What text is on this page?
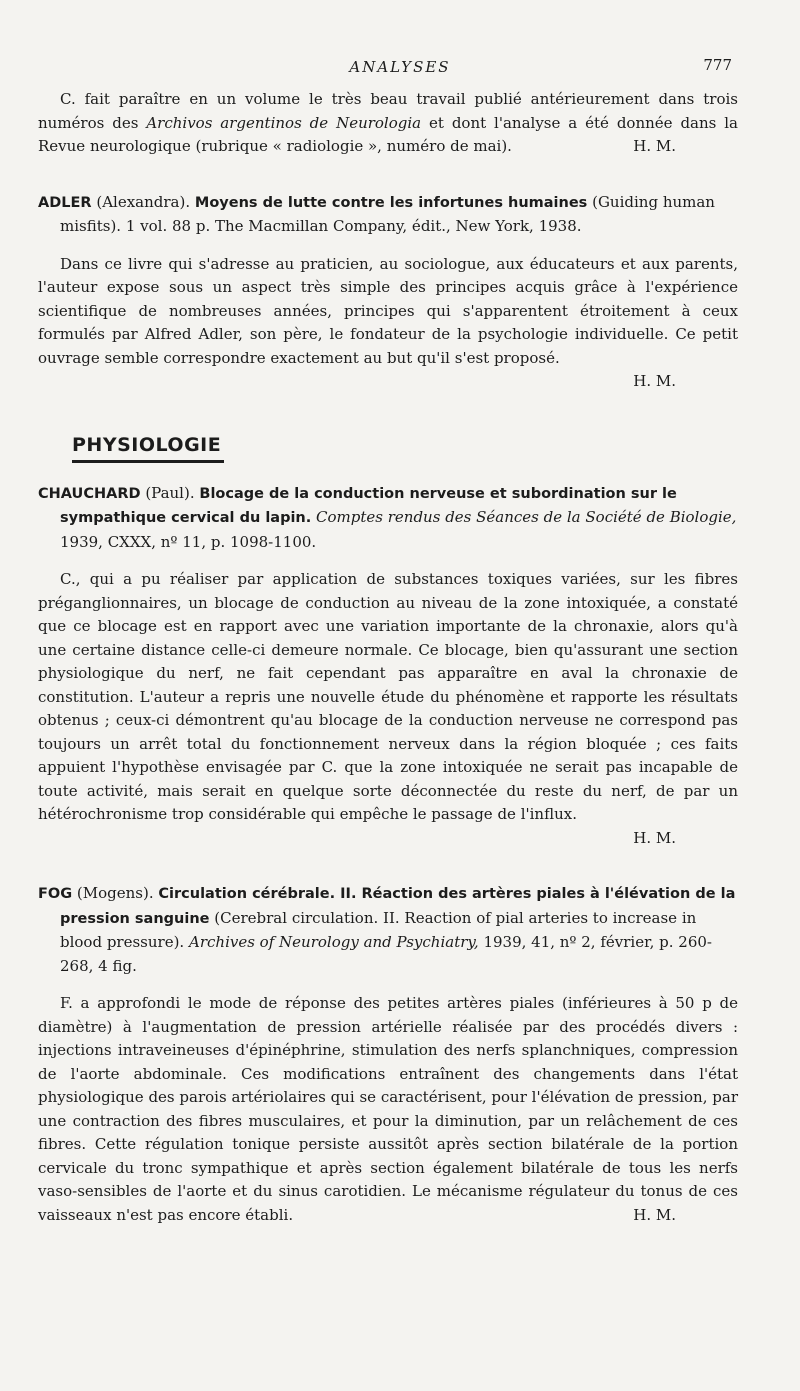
ANALYSES	777

C. fait paraître en un volume le très beau travail publié antérieurement dans trois numéros des Archivos argentinos de Neurologia et dont l'analyse a été donnée dans la Revue neurologique (rubrique « radiologie », numéro de mai).	H. M.

ADLER (Alexandra). Moyens de lutte contre les infortunes humaines (Guiding human misfits). 1 vol. 88 p. The Macmillan Company, édit., New York, 1938.

Dans ce livre qui s'adresse au praticien, au sociologue, aux éducateurs et aux parents, l'auteur expose sous un aspect très simple des principes acquis grâce à l'expérience scientifique de nombreuses années, principes qui s'apparentent étroitement à ceux formulés par Alfred Adler, son père, le fondateur de la psychologie individuelle. Ce petit ouvrage semble correspondre exactement au but qu'il s'est proposé.

H. M.

PHYSIOLOGIE

CHAUCHARD (Paul). Blocage de la conduction nerveuse et subordination sur le sympathique cervical du lapin. Comptes rendus des Séances de la Société de Biologie, 1939, CXXX, nº 11, p. 1098-1100.

C., qui a pu réaliser par application de substances toxiques variées, sur les fibres préganglionnaires, un blocage de conduction au niveau de la zone intoxiquée, a constaté que ce blocage est en rapport avec une variation importante de la chronaxie, alors qu'à une certaine distance celle-ci demeure normale. Ce blocage, bien qu'assurant une section physiologique du nerf, ne fait cependant pas apparaître en aval la chronaxie de constitution. L'auteur a repris une nouvelle étude du phénomène et rapporte les résultats obtenus ; ceux-ci démontrent qu'au blocage de la conduction nerveuse ne correspond pas toujours un arrêt total du fonctionnement nerveux dans la région bloquée ; ces faits appuient l'hypothèse envisagée par C. que la zone intoxiquée ne serait pas incapable de toute activité, mais serait en quelque sorte déconnectée du reste du nerf, de par un hétérochronisme trop considérable qui empêche le passage de l'influx.

H. M.

FOG (Mogens). Circulation cérébrale. II. Réaction des artères piales à l'élévation de la pression sanguine (Cerebral circulation. II. Reaction of pial arteries to increase in blood pressure). Archives of Neurology and Psychiatry, 1939, 41, nº 2, février, p. 260-268, 4 fig.

F. a approfondi le mode de réponse des petites artères piales (inférieures à 50 p de diamètre) à l'augmentation de pression artérielle réalisée par des procédés divers : injections intraveineuses d'épinéphrine, stimulation des nerfs splanchniques, compression de l'aorte abdominale. Ces modifications entraînent des changements dans l'état physiologique des parois artériolaires qui se caractérisent, pour l'élévation de pression, par une contraction des fibres musculaires, et pour la diminution, par un relâchement de ces fibres. Cette régulation tonique persiste aussitôt après section bilatérale de la portion cervicale du tronc sympathique et après section également bilatérale de tous les nerfs vaso-sensibles de l'aorte et du sinus carotidien. Le mécanisme régulateur du tonus de ces vaisseaux n'est pas encore établi.	H. M.
